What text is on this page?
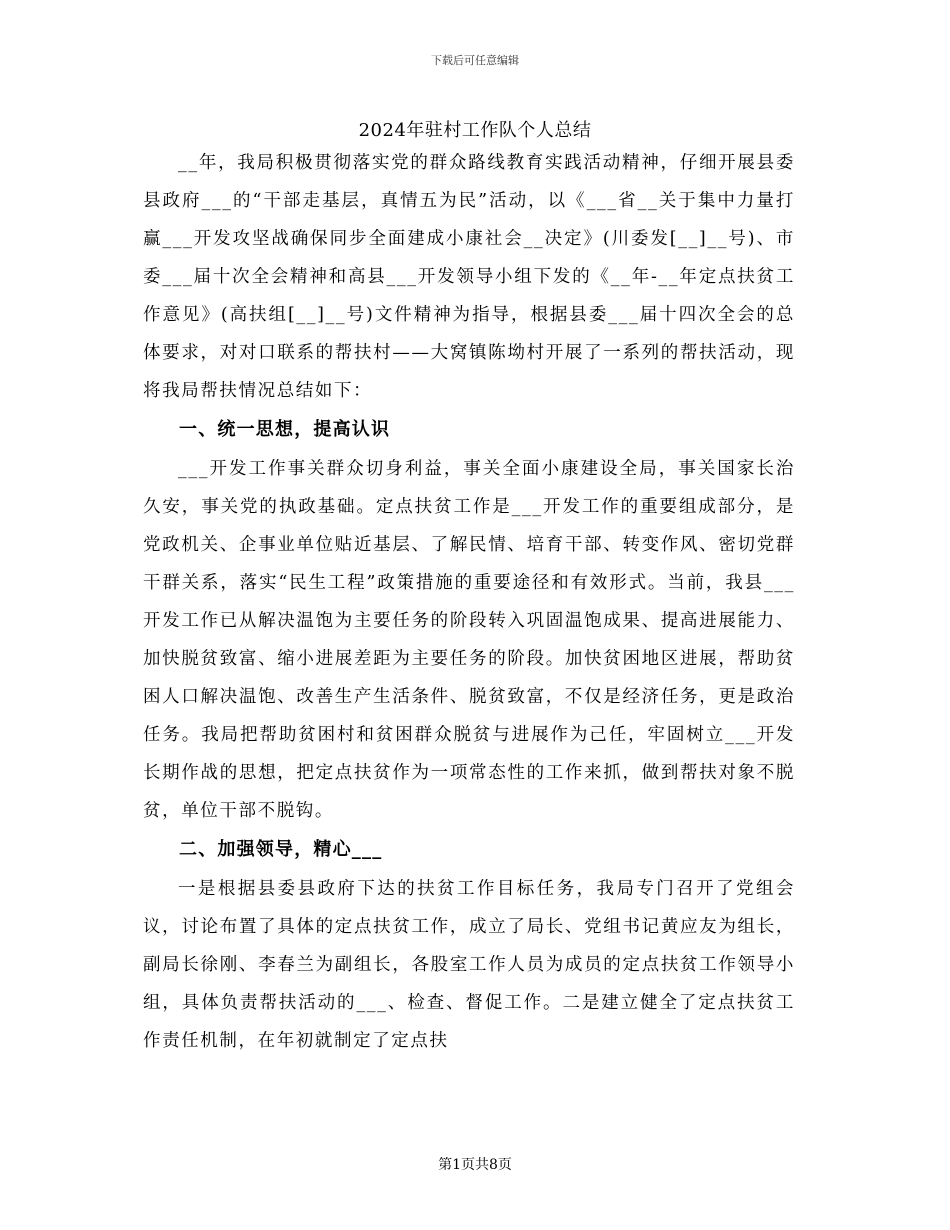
下载后可任意编辑
2024年驻村工作队个人总结

__年，我局积极贯彻落实党的群众路线教育实践活动精神，仔细开展县委县政府___的“干部走基层，真情五为民”活动，以《___省__关于集中力量打赢___开发攻坚战确保同步全面建成小康社会__决定》(川委发[__]__号)、市委___届十次全会精神和高县___开发领导小组下发的《__年-__年定点扶贫工作意见》(高扶组[__]__号)文件精神为指导，根据县委___届十四次全会的总体要求，对对口联系的帮扶村——大窝镇陈坳村开展了一系列的帮扶活动，现将我局帮扶情况总结如下：

一、统一思想，提高认识

___开发工作事关群众切身利益，事关全面小康建设全局，事关国家长治久安，事关党的执政基础。定点扶贫工作是___开发工作的重要组成部分，是党政机关、企事业单位贴近基层、了解民情、培育干部、转变作风、密切党群干群关系，落实“民生工程”政策措施的重要途径和有效形式。当前，我县___开发工作已从解决温饱为主要任务的阶段转入巩固温饱成果、提高进展能力、加快脱贫致富、缩小进展差距为主要任务的阶段。加快贫困地区进展，帮助贫困人口解决温饱、改善生产生活条件、脱贫致富，不仅是经济任务，更是政治任务。我局把帮助贫困村和贫困群众脱贫与进展作为己任，牢固树立___开发长期作战的思想，把定点扶贫作为一项常态性的工作来抓，做到帮扶对象不脱贫，单位干部不脱钩。

二、加强领导，精心___

一是根据县委县政府下达的扶贫工作目标任务，我局专门召开了党组会议，讨论布置了具体的定点扶贫工作，成立了局长、党组书记黄应友为组长，副局长徐刚、李春兰为副组长，各股室工作人员为成员的定点扶贫工作领导小组，具体负责帮扶活动的___、检查、督促工作。二是建立健全了定点扶贫工作责任机制，在年初就制定了定点扶

第1页共8页
